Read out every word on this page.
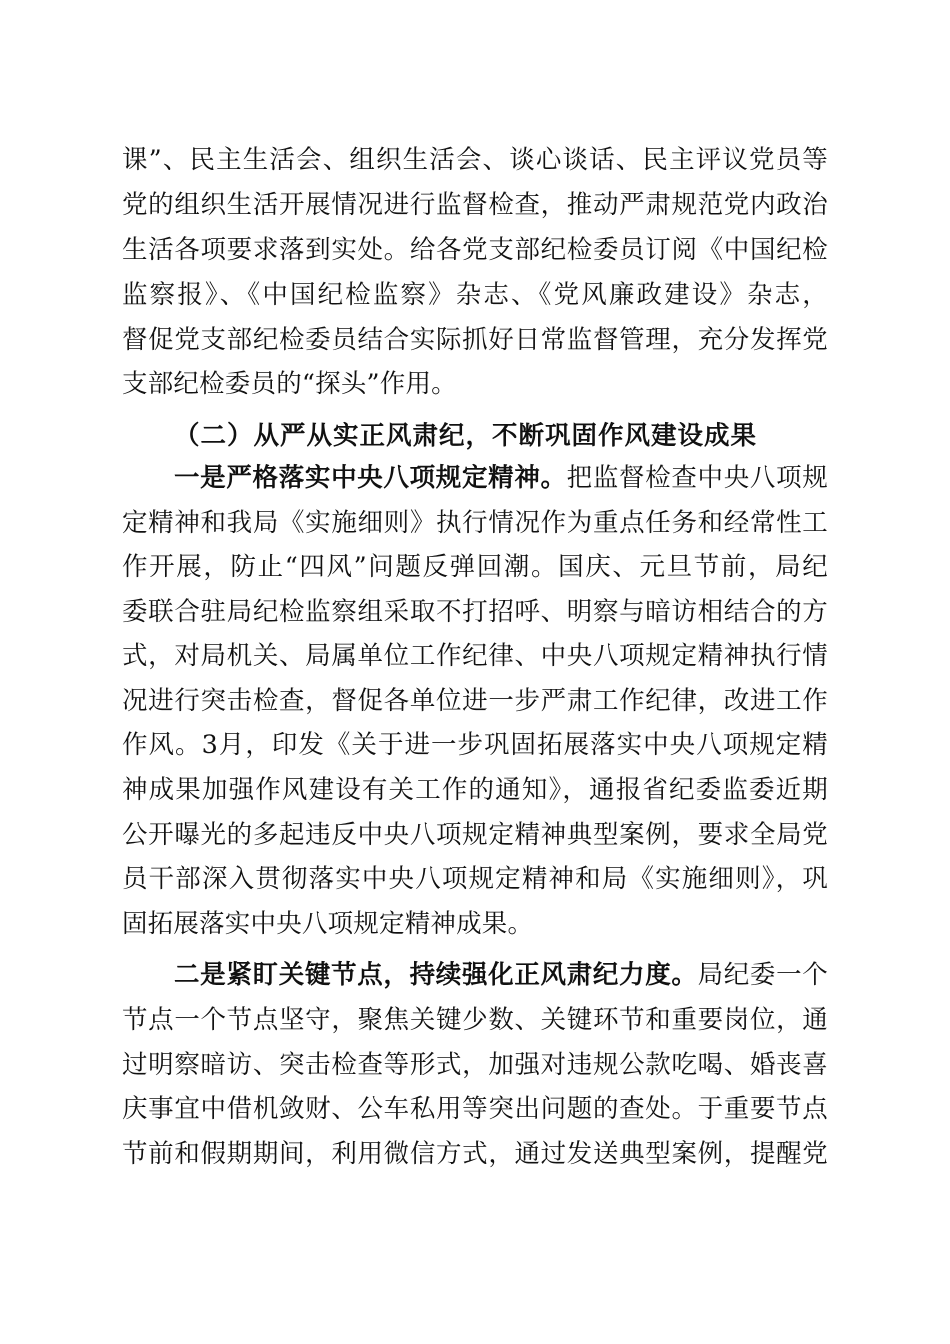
课”、民主生活会、组织生活会、谈心谈话、民主评议党员等
党的组织生活开展情况进行监督检查，推动严肃规范党内政治
生活各项要求落到实处。给各党支部纪检委员订阅《中国纪检
监察报》、《中国纪检监察》杂志、《党风廉政建设》杂志，
督促党支部纪检委员结合实际抓好日常监督管理，充分发挥党
支部纪检委员的“探头”作用。
（二）从严从实正风肃纪，不断巩固作风建设成果
一是严格落实中央八项规定精神。把监督检查中央八项规
定精神和我局《实施细则》执行情况作为重点任务和经常性工
作开展，防止“四风”问题反弹回潮。国庆、元旦节前，局纪
委联合驻局纪检监察组采取不打招呼、明察与暗访相结合的方
式，对局机关、局属单位工作纪律、中央八项规定精神执行情
况进行突击检查，督促各单位进一步严肃工作纪律，改进工作
作风。3月，印发《关于进一步巩固拓展落实中央八项规定精
神成果加强作风建设有关工作的通知》，通报省纪委监委近期
公开曝光的多起违反中央八项规定精神典型案例，要求全局党
员干部深入贯彻落实中央八项规定精神和局《实施细则》，巩
固拓展落实中央八项规定精神成果。
二是紧盯关键节点，持续强化正风肃纪力度。局纪委一个
节点一个节点坚守，聚焦关键少数、关键环节和重要岗位，通
过明察暗访、突击检查等形式，加强对违规公款吃喝、婚丧喜
庆事宜中借机敛财、公车私用等突出问题的查处。于重要节点
节前和假期期间，利用微信方式，通过发送典型案例，提醒党
